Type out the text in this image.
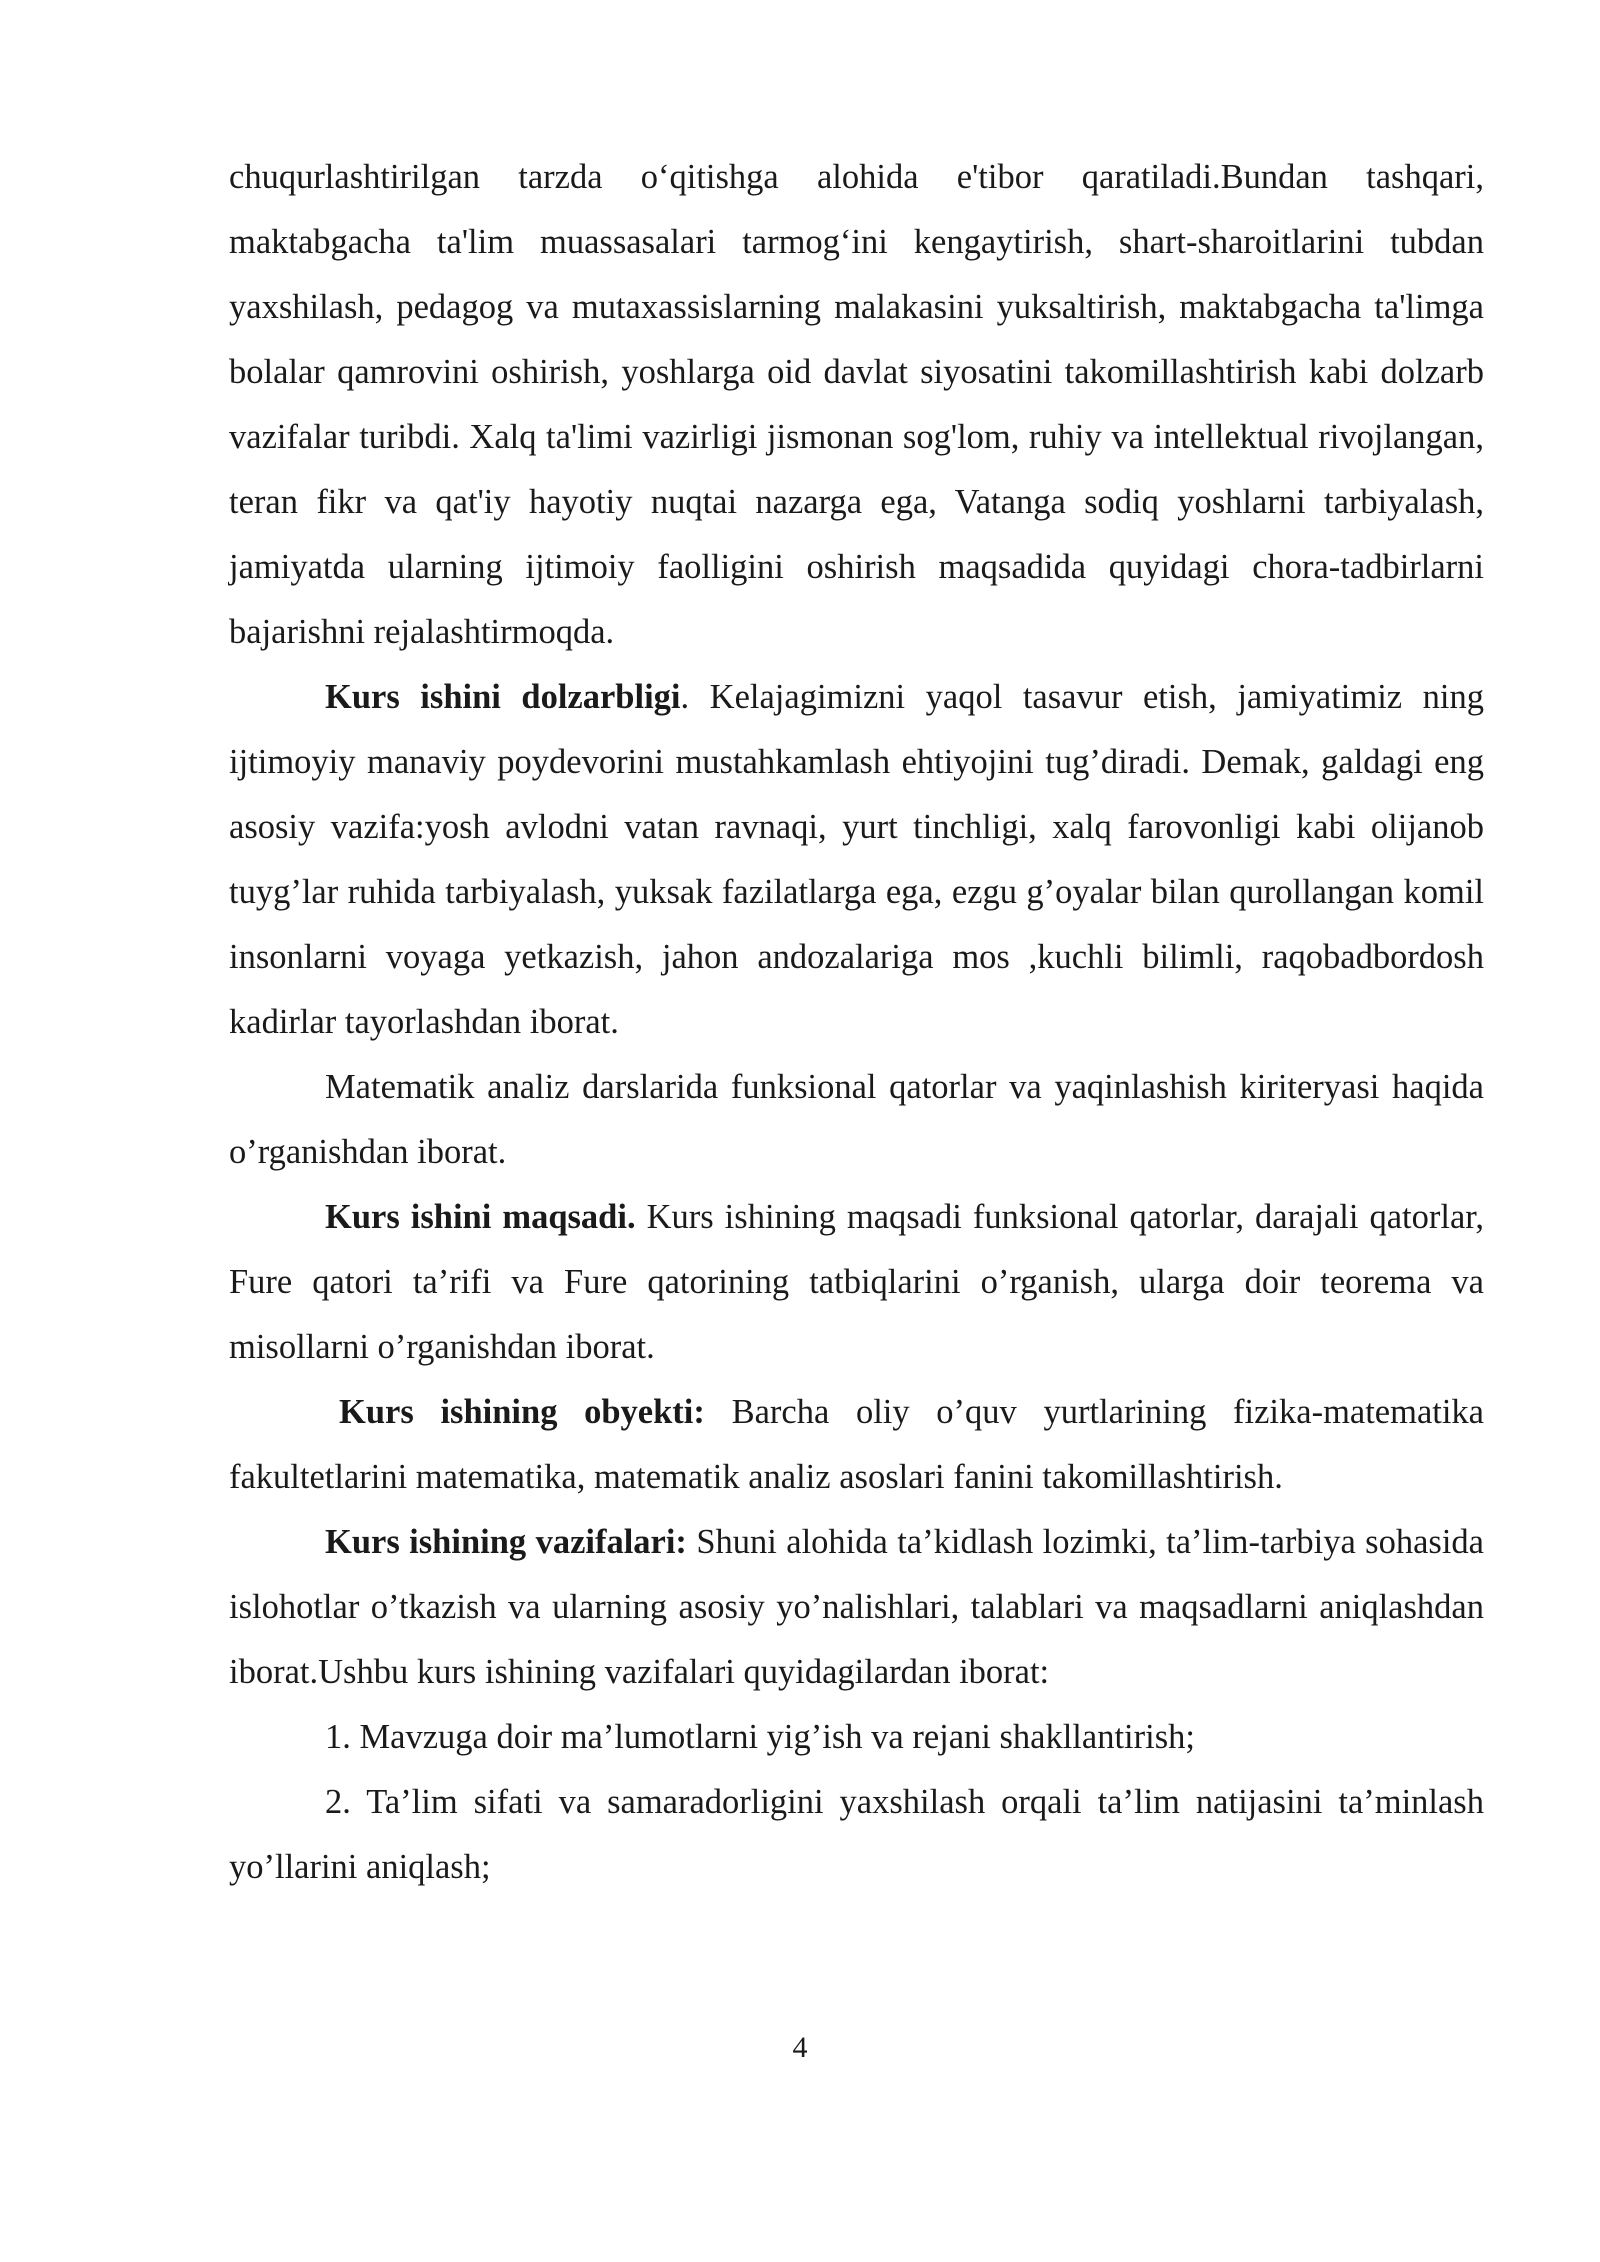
chuqurlashtirilgan tarzda o‘qitishga alohida e'tibor qaratiladi.Bundan tashqari, maktabgacha ta'lim muassasalari tarmog‘ini kengaytirish, shart-sharoitlarini tubdan yaxshilash, pedagog va mutaxassislarning malakasini yuksaltirish, maktabgacha ta'limga bolalar qamrovini oshirish, yoshlarga oid davlat siyosatini takomillashtirish kabi dolzarb vazifalar turibdi. Xalq ta'limi vazirligi jismonan sog'lom, ruhiy va intellektual rivojlangan, teran fikr va qat'iy hayotiy nuqtai nazarga ega, Vatanga sodiq yoshlarni tarbiyalash, jamiyatda ularning ijtimoiy faolligini oshirish maqsadida quyidagi chora-tadbirlarni bajarishni rejalashtirmoqda.

Kurs ishini dolzarbligi. Kelajagimizni yaqol tasavur etish, jamiyatimiz ning ijtimoyiy manaviy poydevorini mustahkamlash ehtiyojini tug’diradi. Demak, galdagi eng asosiy vazifa:yosh avlodni vatan ravnaqi, yurt tinchligi, xalq farovonligi kabi olijanob tuyg’lar ruhida tarbiyalash, yuksak fazilatlarga ega, ezgu g’oyalar bilan qurollangan komil insonlarni voyaga yetkazish, jahon andozalariga mos ,kuchli bilimli, raqobadbordosh kadirlar tayorlashdan iborat.

Matematik analiz darslarida funksional qatorlar va yaqinlashish kiriteryasi haqida o’rganishdan iborat.

Kurs ishini maqsadi. Kurs ishining maqsadi funksional qatorlar, darajali qatorlar, Fure qatori ta’rifi va Fure qatorining tatbiqlarini o’rganish, ularga doir teorema va misollarni o’rganishdan iborat.

Kurs ishining obyekti: Barcha oliy o’quv yurtlarining fizika-matematika fakultetlarini matematika, matematik analiz asoslari fanini takomillashtirish.

Kurs ishining vazifalari: Shuni alohida ta’kidlash lozimki, ta’lim-tarbiya sohasida islohotlar o’tkazish va ularning asosiy yo’nalishlari, talablari va maqsadlarni aniqlashdan iborat.Ushbu kurs ishining vazifalari quyidagilardan iborat:

1. Mavzuga doir ma’lumotlarni yig’ish va rejani shakllantirish;

2. Ta’lim sifati va samaradorligini yaxshilash orqali ta’lim natijasini ta’minlash yo’llarini aniqlash;

4
